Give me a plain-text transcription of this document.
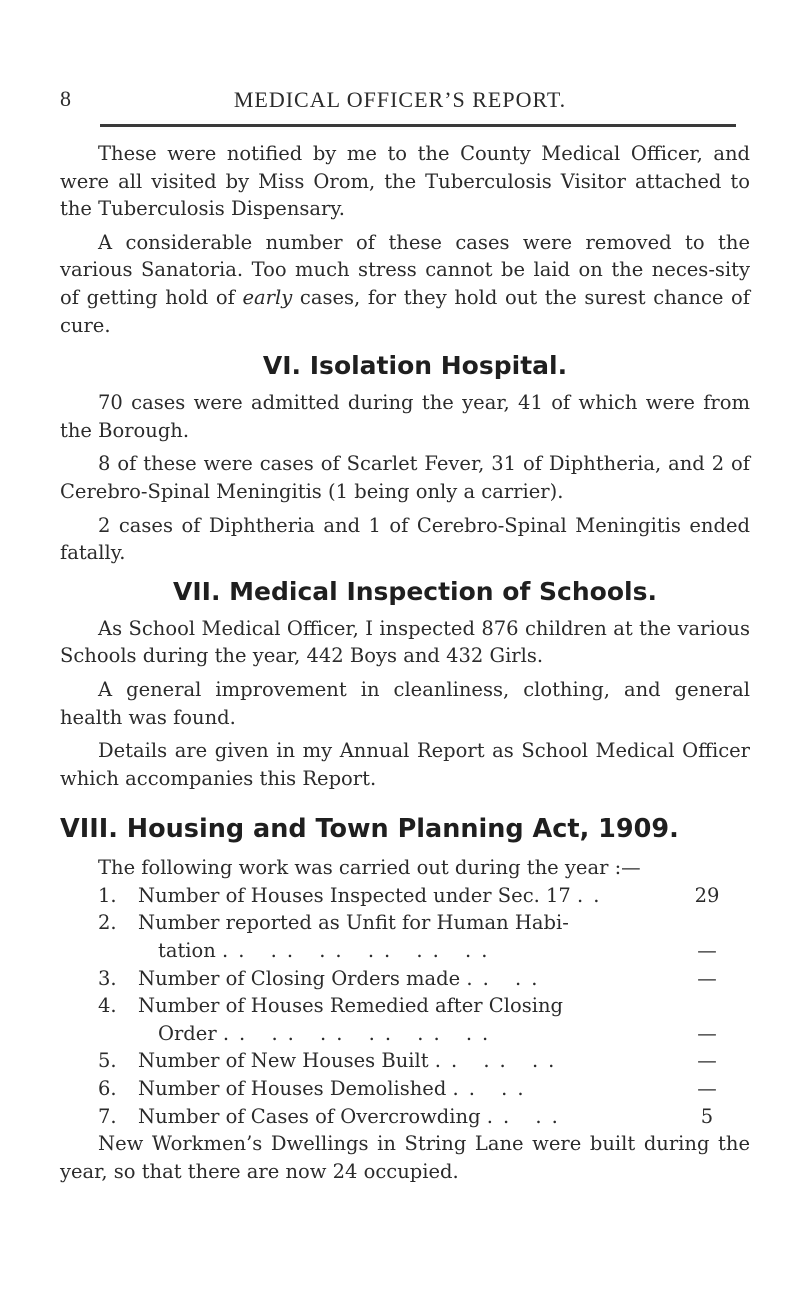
8	MEDICAL OFFICER’S REPORT.

These were notified by me to the County Medical Officer, and were all visited by Miss Orom, the Tuberculosis Visitor attached to the Tuberculosis Dispensary.

A considerable number of these cases were removed to the various Sanatoria. Too much stress cannot be laid on the neces-sity of getting hold of early cases, for they hold out the surest chance of cure.

VI. Isolation Hospital.

70 cases were admitted during the year, 41 of which were from the Borough.

8 of these were cases of Scarlet Fever, 31 of Diphtheria, and 2 of Cerebro-Spinal Meningitis (1 being only a carrier).

2 cases of Diphtheria and 1 of Cerebro-Spinal Meningitis ended fatally.

VII. Medical Inspection of Schools.

As School Medical Officer, I inspected 876 children at the various Schools during the year, 442 Boys and 432 Girls.

A general improvement in cleanliness, clothing, and general health was found.

Details are given in my Annual Report as School Medical Officer which accompanies this Report.

VIII. Housing and Town Planning Act, 1909.

The following work was carried out during the year :—

1. Number of Houses Inspected under Sec. 17 ..	29
2. Number reported as Unfit for Human Habi-
tation .. .. .. .. .. ..	—
3. Number of Closing Orders made .. ..	—
4. Number of Houses Remedied after Closing
Order .. .. .. .. .. ..	—
5. Number of New Houses Built .. .. ..	—
6. Number of Houses Demolished .. ..	—
7. Number of Cases of Overcrowding .. ..	5

New Workmen’s Dwellings in String Lane were built during the year, so that there are now 24 occupied.
